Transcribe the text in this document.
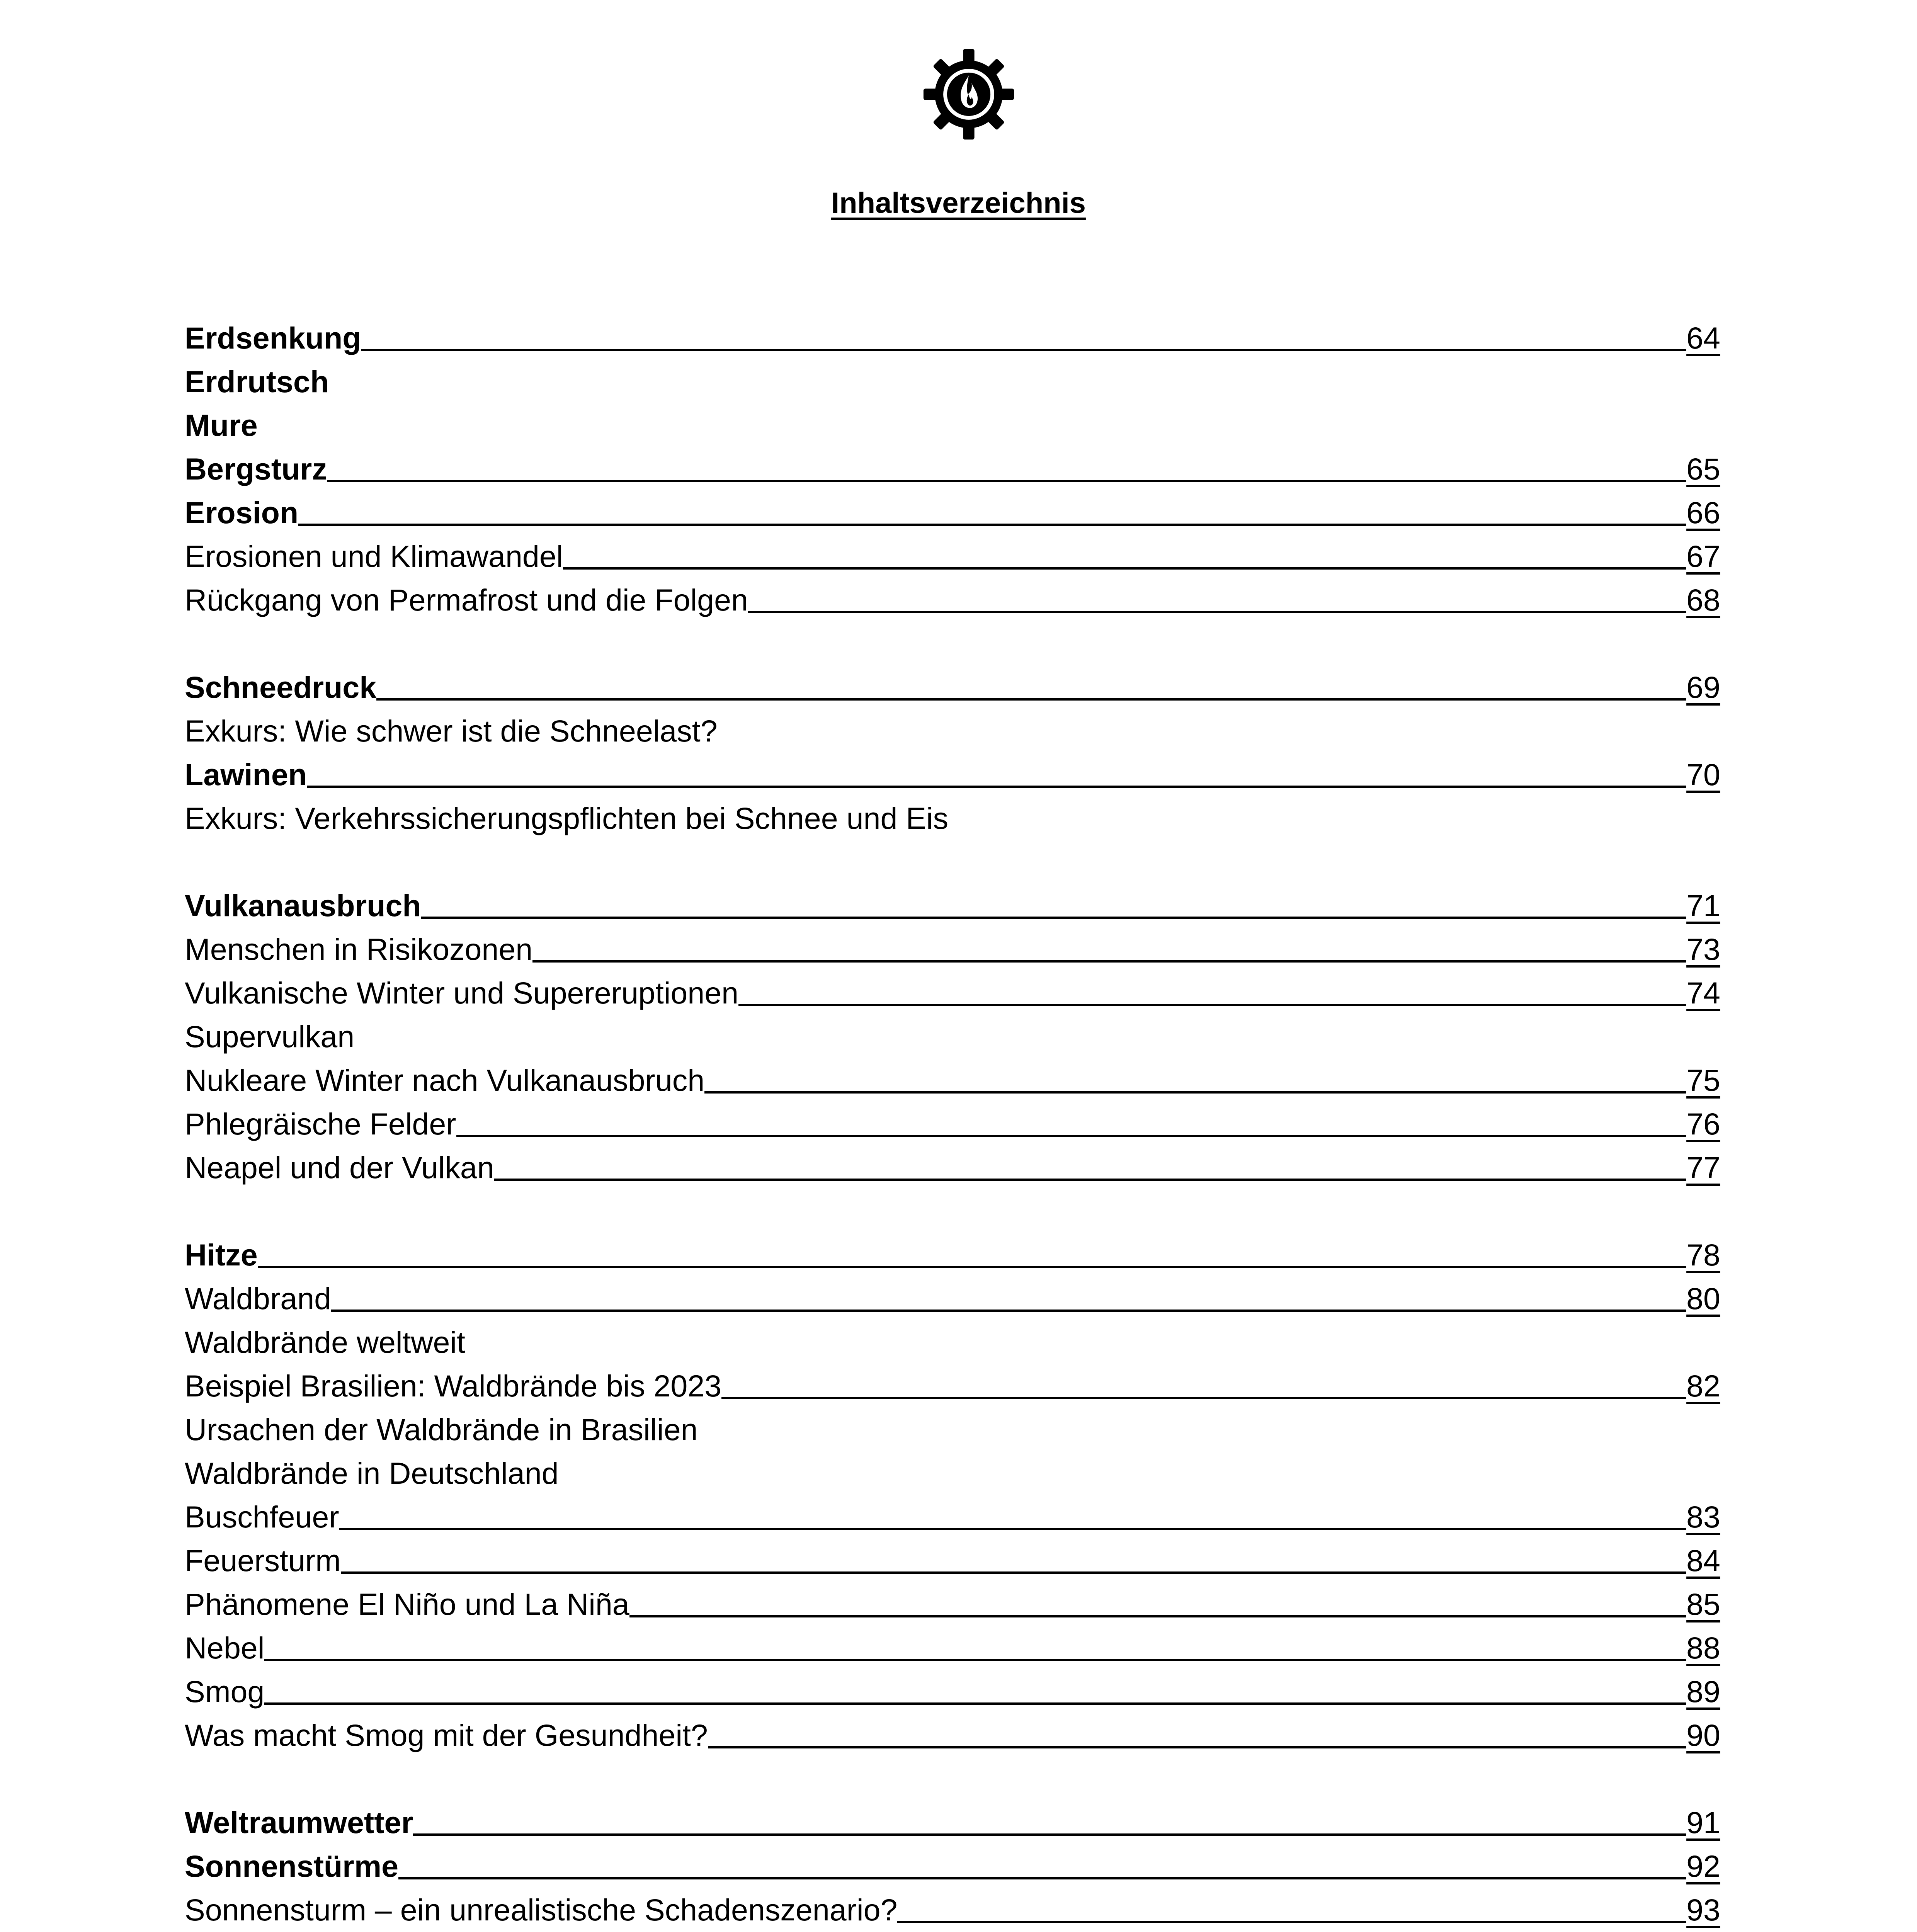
Inhaltsverzeichnis
Erdsenkung	64
Erdrutsch
Mure
Bergsturz	65
Erosion	66
Erosionen und Klimawandel	67
Rückgang von Permafrost und die Folgen	68
Schneedruck	69
Exkurs: Wie schwer ist die Schneelast?
Lawinen	70
Exkurs: Verkehrssicherungspflichten bei Schnee und Eis
Vulkanausbruch	71
Menschen in Risikozonen	73
Vulkanische Winter und Supereruptionen	74
Supervulkan
Nukleare Winter nach Vulkanausbruch	75
Phlegräische Felder	76
Neapel und der Vulkan	77
Hitze	78
Waldbrand	80
Waldbrände weltweit
Beispiel Brasilien: Waldbrände bis 2023	82
Ursachen der Waldbrände in Brasilien
Waldbrände in Deutschland
Buschfeuer	83
Feuersturm	84
Phänomene El Niño und La Niña	85
Nebel	88
Smog	89
Was macht Smog mit der Gesundheit?	90
Weltraumwetter	91
Sonnenstürme	92
Sonnensturm – ein unrealistische Schadenszenario?	93
